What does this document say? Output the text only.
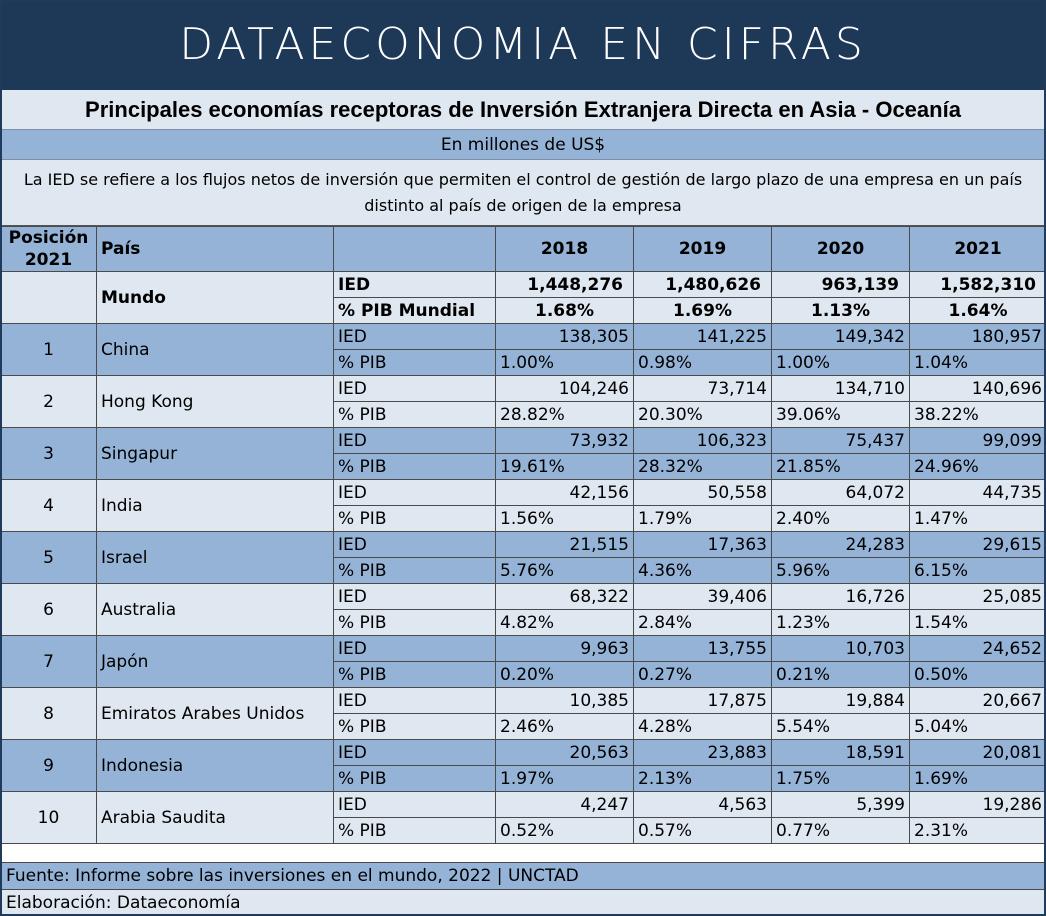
DATAECONOMIA EN CIFRAS
Principales economías receptoras de Inversión Extranjera Directa en Asia - Oceanía
En millones de US$
La IED se refiere a los flujos netos de inversión que permiten el control de gestión de largo plazo de una empresa en un país distinto al país de origen de la empresa
Posición 2021	País		2018	2019	2020	2021
	Mundo	IED	1,448,276	1,480,626	963,139	1,582,310
		% PIB Mundial	1.68%	1.69%	1.13%	1.64%
1	China	IED	138,305	141,225	149,342	180,957
		% PIB	1.00%	0.98%	1.00%	1.04%
2	Hong Kong	IED	104,246	73,714	134,710	140,696
		% PIB	28.82%	20.30%	39.06%	38.22%
3	Singapur	IED	73,932	106,323	75,437	99,099
		% PIB	19.61%	28.32%	21.85%	24.96%
4	India	IED	42,156	50,558	64,072	44,735
		% PIB	1.56%	1.79%	2.40%	1.47%
5	Israel	IED	21,515	17,363	24,283	29,615
		% PIB	5.76%	4.36%	5.96%	6.15%
6	Australia	IED	68,322	39,406	16,726	25,085
		% PIB	4.82%	2.84%	1.23%	1.54%
7	Japón	IED	9,963	13,755	10,703	24,652
		% PIB	0.20%	0.27%	0.21%	0.50%
8	Emiratos Arabes Unidos	IED	10,385	17,875	19,884	20,667
		% PIB	2.46%	4.28%	5.54%	5.04%
9	Indonesia	IED	20,563	23,883	18,591	20,081
		% PIB	1.97%	2.13%	1.75%	1.69%
10	Arabia Saudita	IED	4,247	4,563	5,399	19,286
		% PIB	0.52%	0.57%	0.77%	2.31%
Fuente: Informe sobre las inversiones en el mundo, 2022 | UNCTAD
Elaboración: Dataeconomía
